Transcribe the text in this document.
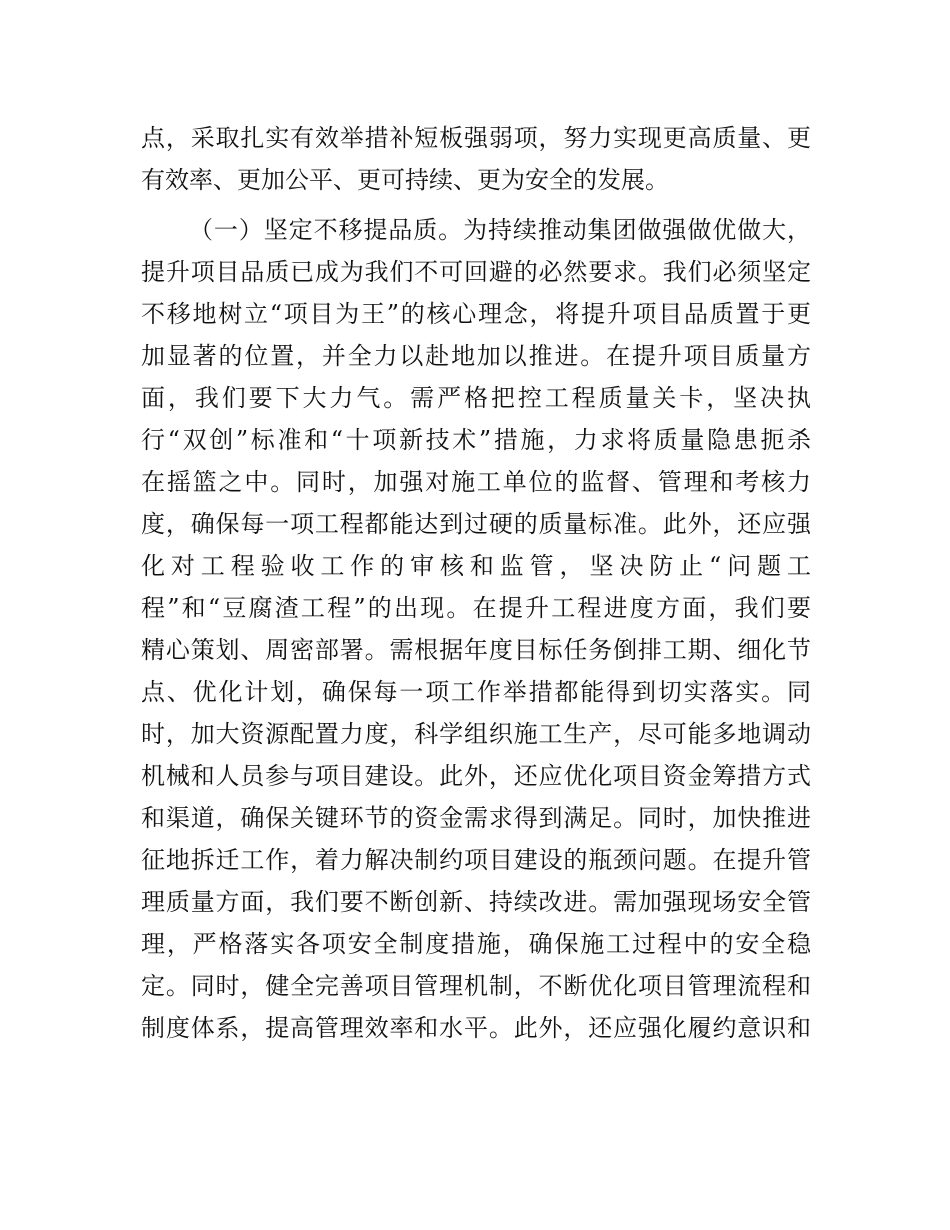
点，采取扎实有效举措补短板强弱项，努力实现更高质量、更
有效率、更加公平、更可持续、更为安全的发展。
（一）坚定不移提品质。为持续推动集团做强做优做大，
提升项目品质已成为我们不可回避的必然要求。我们必须坚定
不移地树立“项目为王”的核心理念，将提升项目品质置于更
加显著的位置，并全力以赴地加以推进。在提升项目质量方
面，我们要下大力气。需严格把控工程质量关卡，坚决执
行“双创”标准和“十项新技术”措施，力求将质量隐患扼杀
在摇篮之中。同时，加强对施工单位的监督、管理和考核力
度，确保每一项工程都能达到过硬的质量标准。此外，还应强
化对工程验收工作的审核和监管，坚决防止“问题工
程”和“豆腐渣工程”的出现。在提升工程进度方面，我们要
精心策划、周密部署。需根据年度目标任务倒排工期、细化节
点、优化计划，确保每一项工作举措都能得到切实落实。同
时，加大资源配置力度，科学组织施工生产，尽可能多地调动
机械和人员参与项目建设。此外，还应优化项目资金筹措方式
和渠道，确保关键环节的资金需求得到满足。同时，加快推进
征地拆迁工作，着力解决制约项目建设的瓶颈问题。在提升管
理质量方面，我们要不断创新、持续改进。需加强现场安全管
理，严格落实各项安全制度措施，确保施工过程中的安全稳
定。同时，健全完善项目管理机制，不断优化项目管理流程和
制度体系，提高管理效率和水平。此外，还应强化履约意识和
